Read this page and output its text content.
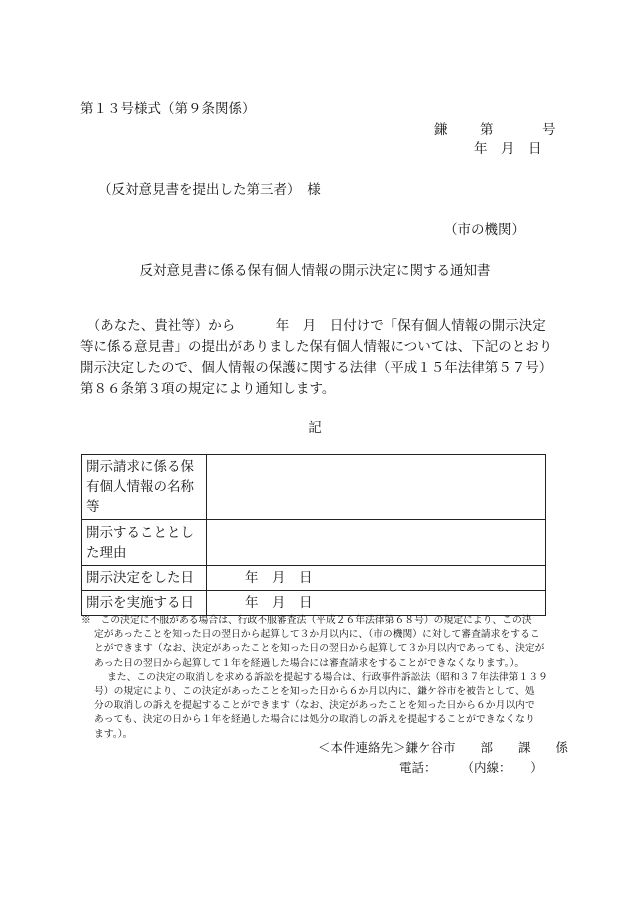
第１３号様式（第９条関係）
鎌 第	号
年　月　日
（反対意見書を提出した第三者）　様
（市の機関）
反対意見書に係る保有個人情報の開示決定に関する通知書

　（あなた、貴社等）から　　　年　月　日付けで「保有個人情報の開示決定

等に係る意見書」の提出がありました保有個人情報については、下記のとおり

開示決定したので、個人情報の保護に関する法律（平成１５年法律第５７号）

第８６条第３項の規定により通知します。

記
開示請求に係る保
有個人情報の名称
等	

開示することとし
た理由	

開示決定をした日	年　月　日
開示を実施する日	年　月　日

※　この決定に不服がある場合は、行政不服審査法（平成２６年法律第６８号）の規定により、この決

定があったことを知った日の翌日から起算して３か月以内に、（市の機関）に対して審査請求をするこ

とができます（なお、決定があったことを知った日の翌日から起算して３か月以内であっても、決定が

あった日の翌日から起算して１年を経過した場合には審査請求をすることができなくなります。）。

また、この決定の取消しを求める訴訟を提起する場合は、行政事件訴訟法（昭和３７年法律第１３９

号）の規定により、この決定があったことを知った日から６か月以内に、鎌ケ谷市を被告として、処

分の取消しの訴えを提起することができます（なお、決定があったことを知った日から６か月以内で

あっても、決定の日から１年を経過した場合には処分の取消しの訴えを提起することができなくなり

ます。）。

＜本件連絡先＞鎌ケ谷市　　部　　課　　係
電話：　　　（内線：　　）
